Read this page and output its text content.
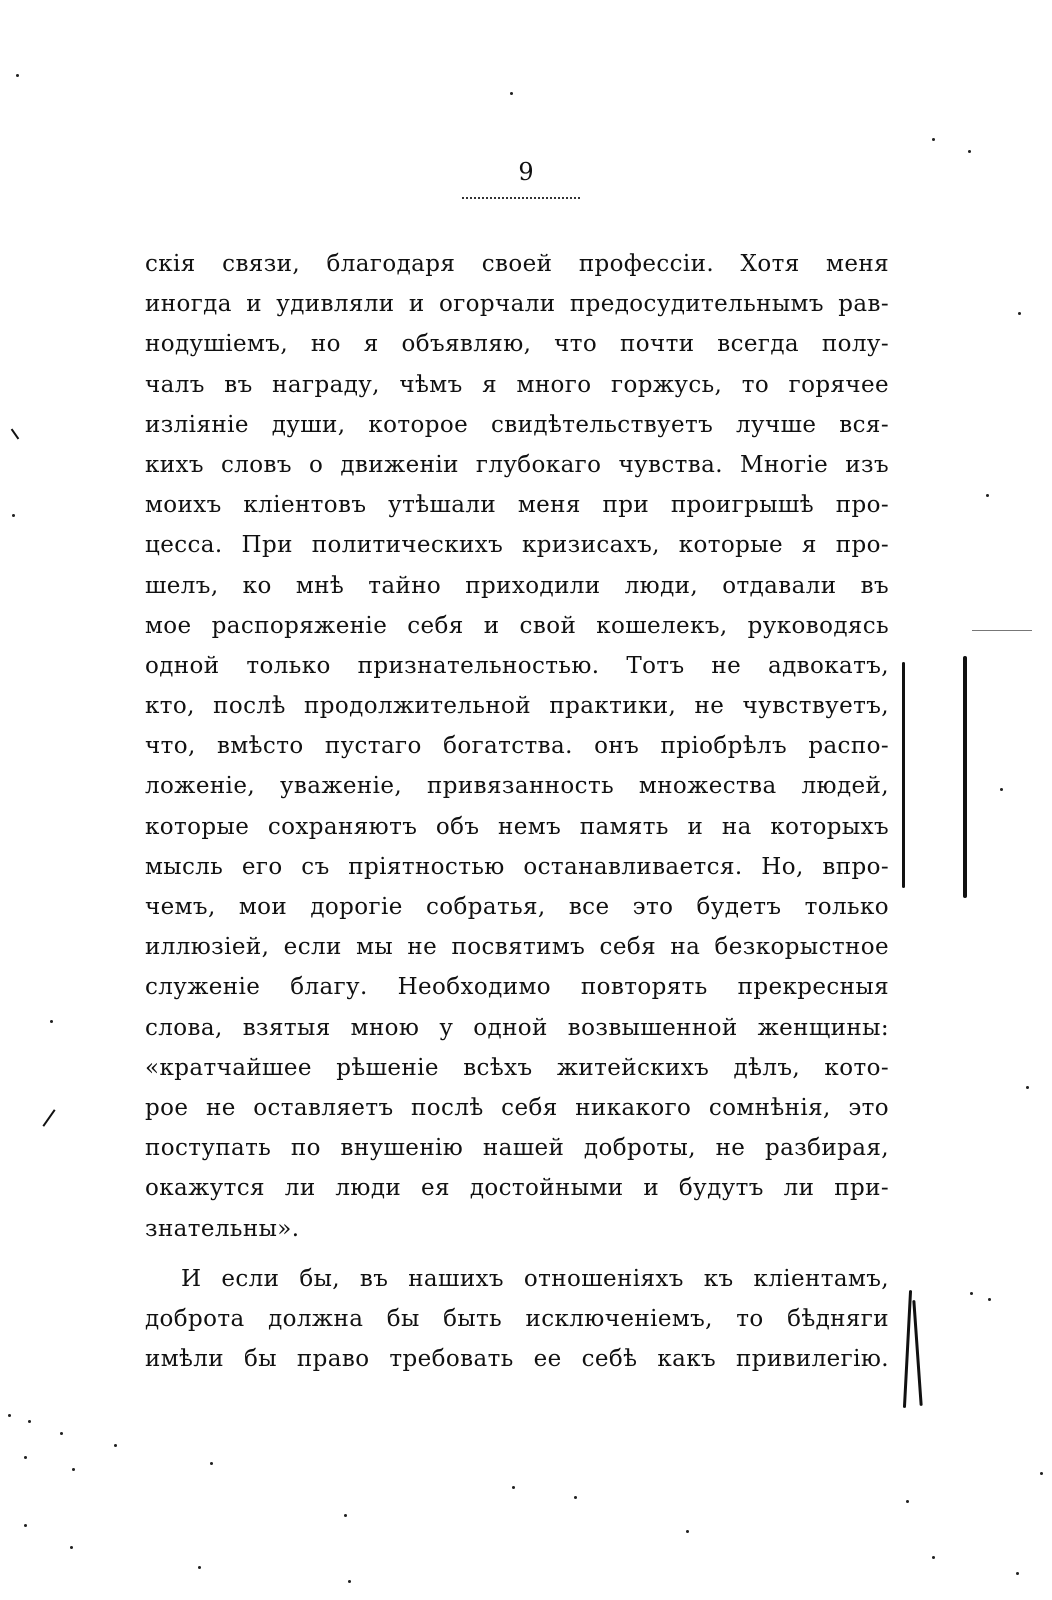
9
скія связи, благодаря своей профессіи. Хотя меня
иногда и удивляли и огорчали предосудительнымъ рав-
нодушіемъ, но я объявляю, что почти всегда полу-
чалъ въ награду, чѣмъ я много горжусь, то горячее
изліяніе души, которое свидѣтельствуетъ лучше вся-
кихъ словъ о движеніи глубокаго чувства. Многіе изъ
моихъ кліентовъ утѣшали меня при проигрышѣ про-
цесса. При политическихъ кризисахъ, которые я про-
шелъ, ко мнѣ тайно приходили люди, отдавали въ
мое распоряженіе себя и свой кошелекъ, руководясь
одной только признательностью. Тотъ не адвокатъ,
кто, послѣ продолжительной практики, не чувствуетъ,
что, вмѣсто пустаго богатства. онъ пріобрѣлъ распо-
ложеніе, уваженіе, привязанность множества людей,
которые сохраняютъ объ немъ память и на которыхъ
мысль его съ пріятностью останавливается. Но, впро-
чемъ, мои дорогіе собратья, все это будетъ только
иллюзіей, если мы не посвятимъ себя на безкорыстное
служеніе благу. Необходимо повторять прекресныя
слова, взятыя мною у одной возвышенной женщины:
«кратчайшее рѣшеніе всѣхъ житейскихъ дѣлъ, кото-
рое не оставляетъ послѣ себя никакого сомнѣнія, это
поступать по внушенію нашей доброты, не разбирая,
окажутся ли люди ея достойными и будутъ ли при-
знательны».
И если бы, въ нашихъ отношеніяхъ къ кліентамъ,
доброта должна бы быть исключеніемъ, то бѣдняги
имѣли бы право требовать ее себѣ какъ привилегію.
